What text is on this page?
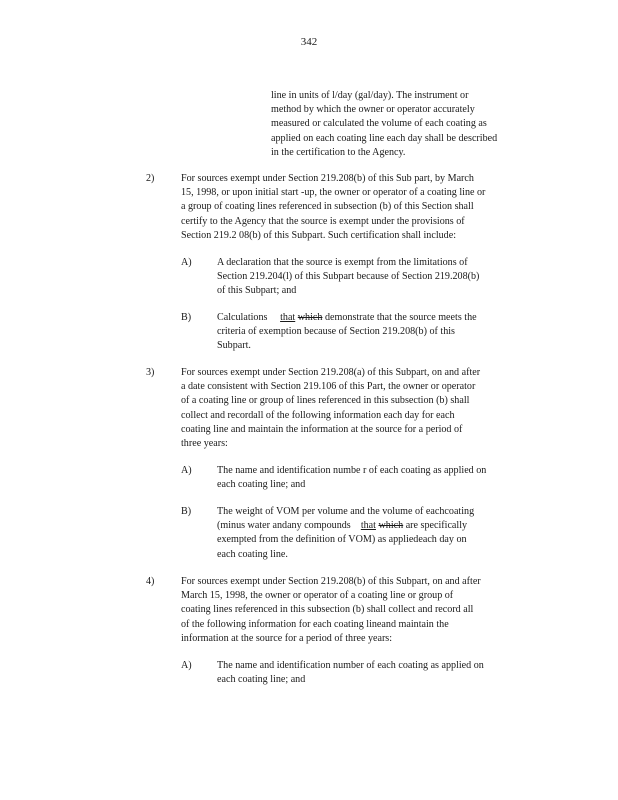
342
line in units of l/day (gal/day). The instrument or
method by which the owner or operator accurately
measured or calculated the volume of each coating as
applied on each coating line each day shall be described
in the certification to the Agency.
2)	For sources exempt under Section 219.208(b) of this Sub part, by March
15, 1998, or upon initial start -up, the owner or operator of a coating line or
a group of coating lines referenced in subsection (b) of this Section shall
certify to the Agency that the source is exempt under the provisions of
Section 219.2 08(b) of this Subpart. Such certification shall include:
A)	A declaration that the source is exempt from the limitations of
Section 219.204(l) of this Subpart because of Section 219.208(b)
of this Subpart; and
B)	Calculations that which demonstrate that the source meets the
criteria of exemption because of Section 219.208(b) of this
Subpart.
3)	For sources exempt under Section 219.208(a) of this Subpart, on and after
a date consistent with Section 219.106 of this Part, the owner or operator
of a coating line or group of lines referenced in this subsection (b) shall
collect and recordall of the following information each day for each
coating line and maintain the information at the source for a period of
three years:
A)	The name and identification numbe r of each coating as applied on
each coating line; and
B)	The weight of VOM per volume and the volume of eachcoating
(minus water andany compounds that which are specifically
exempted from the definition of VOM) as appliedeach day on
each coating line.
4)	For sources exempt under Section 219.208(b) of this Subpart, on and after
March 15, 1998, the owner or operator of a coating line or group of
coating lines referenced in this subsection (b) shall collect and record all
of the following information for each coating lineand maintain the
information at the source for a period of three years:
A)	The name and identification number of each coating as applied on
each coating line; and
